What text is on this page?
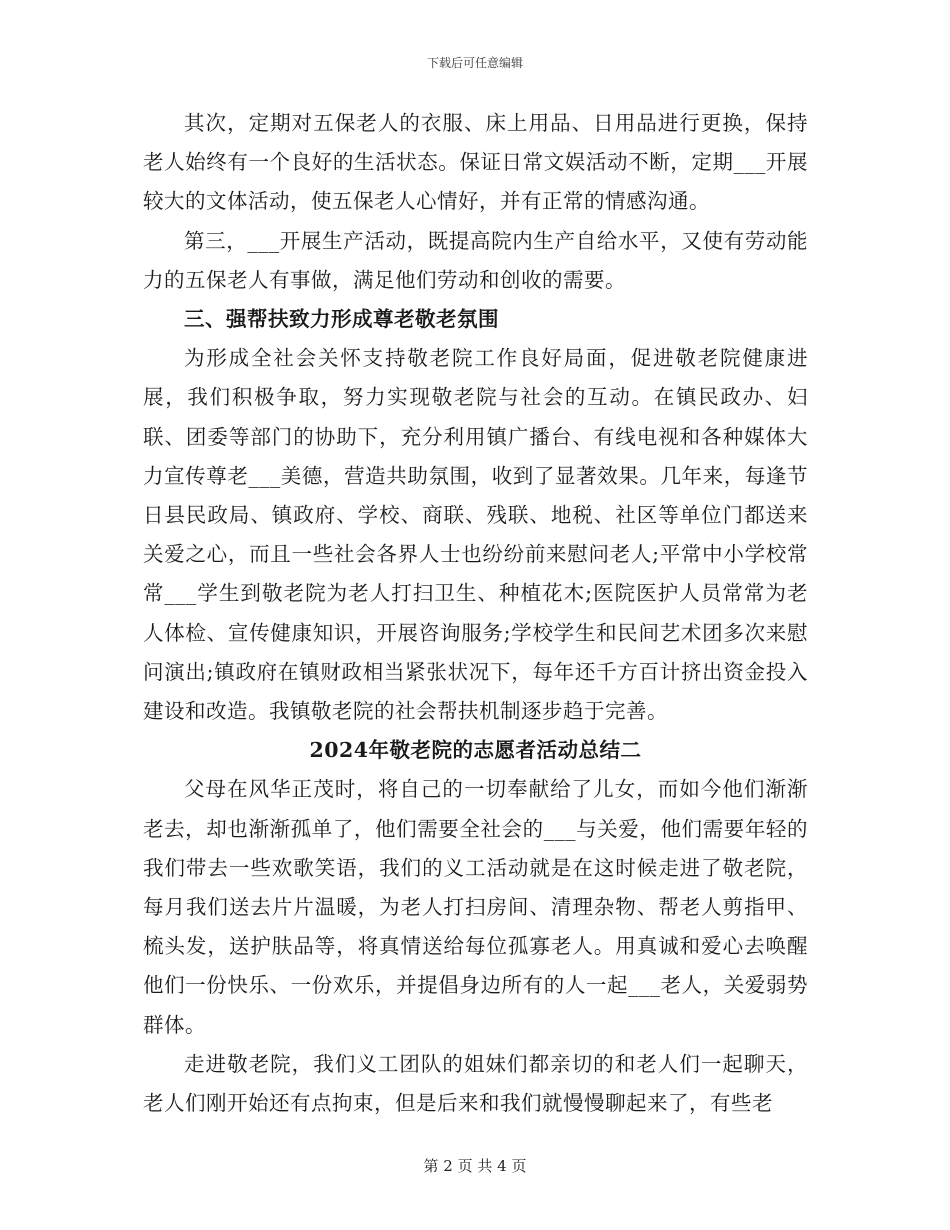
下载后可任意编辑

其次，定期对五保老人的衣服、床上用品、日用品进行更换，保持老人始终有一个良好的生活状态。保证日常文娱活动不断，定期___开展较大的文体活动，使五保老人心情好，并有正常的情感沟通。

第三，___开展生产活动，既提高院内生产自给水平，又使有劳动能力的五保老人有事做，满足他们劳动和创收的需要。

三、强帮扶致力形成尊老敬老氛围

为形成全社会关怀支持敬老院工作良好局面，促进敬老院健康进展，我们积极争取，努力实现敬老院与社会的互动。在镇民政办、妇联、团委等部门的协助下，充分利用镇广播台、有线电视和各种媒体大力宣传尊老___美德，营造共助氛围，收到了显著效果。几年来，每逢节日县民政局、镇政府、学校、商联、残联、地税、社区等单位门都送来关爱之心，而且一些社会各界人士也纷纷前来慰问老人;平常中小学校常常___学生到敬老院为老人打扫卫生、种植花木;医院医护人员常常为老人体检、宣传健康知识，开展咨询服务;学校学生和民间艺术团多次来慰问演出;镇政府在镇财政相当紧张状况下，每年还千方百计挤出资金投入建设和改造。我镇敬老院的社会帮扶机制逐步趋于完善。

2024年敬老院的志愿者活动总结二

父母在风华正茂时，将自己的一切奉献给了儿女，而如今他们渐渐老去，却也渐渐孤单了，他们需要全社会的___与关爱，他们需要年轻的我们带去一些欢歌笑语，我们的义工活动就是在这时候走进了敬老院，每月我们送去片片温暖，为老人打扫房间、清理杂物、帮老人剪指甲、梳头发，送护肤品等，将真情送给每位孤寡老人。用真诚和爱心去唤醒他们一份快乐、一份欢乐，并提倡身边所有的人一起___老人，关爱弱势群体。

走进敬老院，我们义工团队的姐妹们都亲切的和老人们一起聊天，老人们刚开始还有点拘束，但是后来和我们就慢慢聊起来了，有些老

第 2 页 共 4 页
